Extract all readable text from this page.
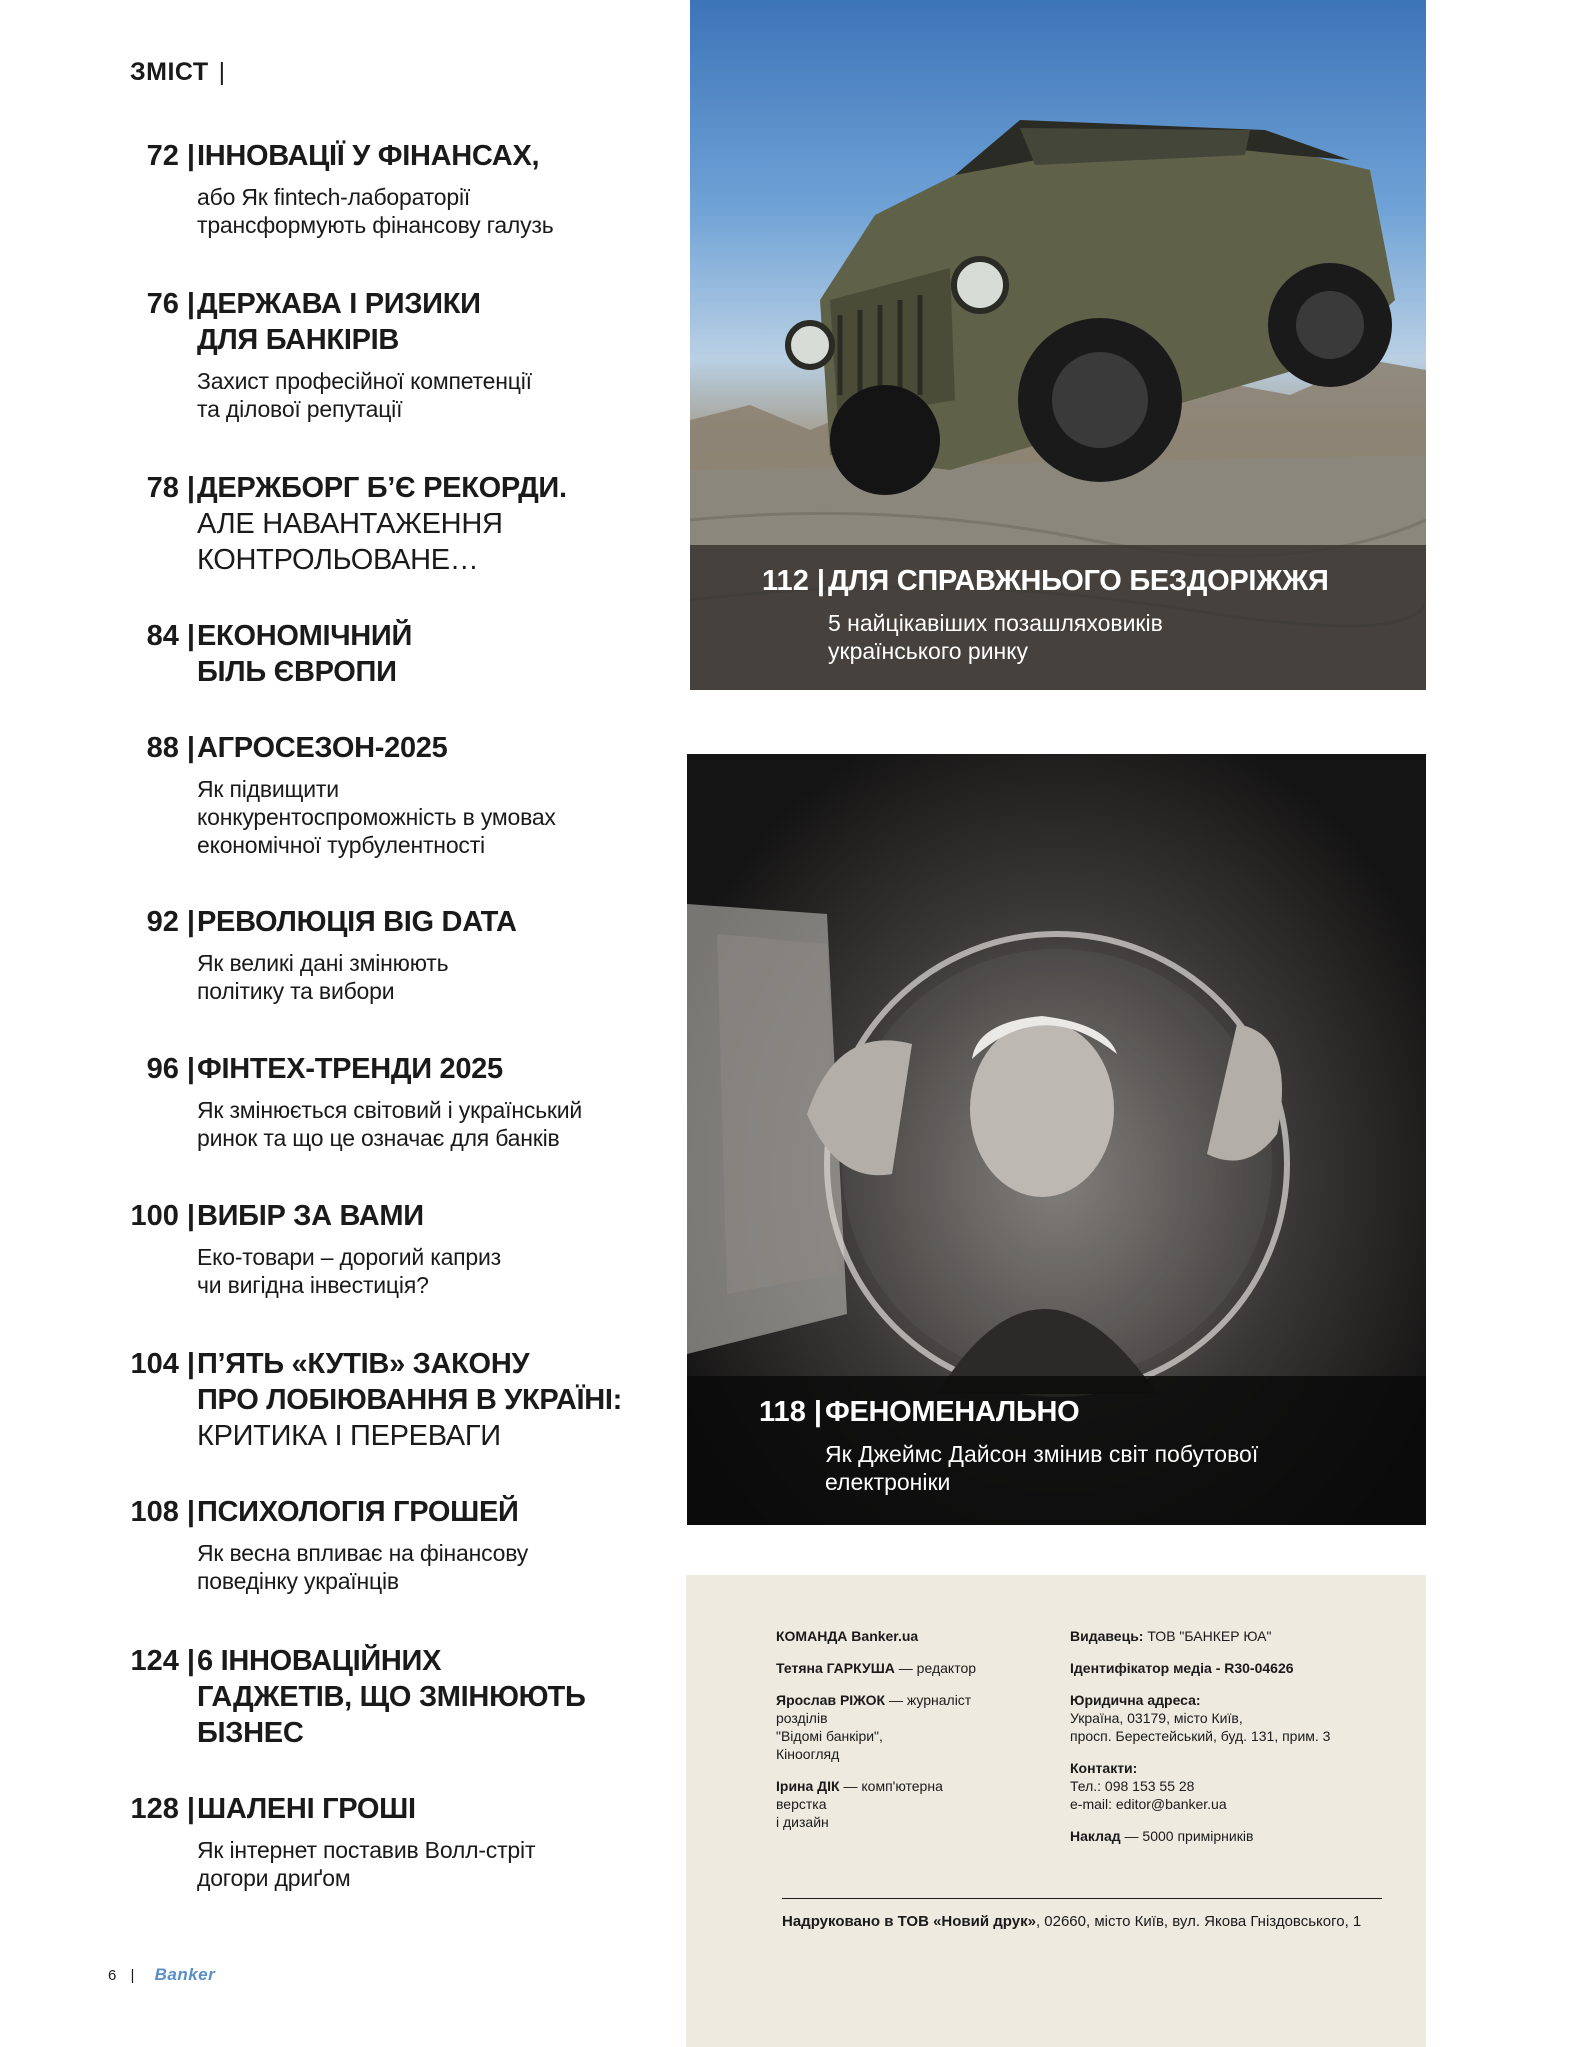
ЗМІСТ |
72 | ІННОВАЦІЇ У ФІНАНСАХ,
або Як fintech-лабораторії
трансформують фінансову галузь
76 | ДЕРЖАВА І РИЗИКИ
ДЛЯ БАНКІРІВ
Захист професійної компетенції
та ділової репутації
78 | ДЕРЖБОРГ Б’Є РЕКОРДИ.
АЛЕ НАВАНТАЖЕННЯ
КОНТРОЛЬОВАНЕ…
84 | ЕКОНОМІЧНИЙ
БІЛЬ ЄВРОПИ
88 | АГРОСЕЗОН-2025
Як підвищити
конкурентоспроможність в умовах
економічної турбулентності
92 | РЕВОЛЮЦІЯ BIG DATA
Як великі дані змінюють
політику та вибори
96 | ФІНТЕХ-ТРЕНДИ 2025
Як змінюється світовий і український
ринок та що це означає для банків
100 | ВИБІР ЗА ВАМИ
Еко-товари – дорогий каприз
чи вигідна інвестиція?
104 | П’ЯТЬ «КУТІВ» ЗАКОНУ
ПРО ЛОБІЮВАННЯ В УКРАЇНІ:
КРИТИКА І ПЕРЕВАГИ
108 | ПСИХОЛОГІЯ ГРОШЕЙ
Як весна впливає на фінансову
поведінку українців
124 | 6 ІННОВАЦІЙНИХ
ГАДЖЕТІВ, ЩО ЗМІНЮЮТЬ
БІЗНЕС
128 | ШАЛЕНІ ГРОШІ
Як інтернет поставив Волл-стріт
догори дриґом
112 | ДЛЯ СПРАВЖНЬОГО БЕЗДОРІЖЖЯ
5 найцікавіших позашляховиків
українського ринку
118 | ФЕНОМЕНАЛЬНО
Як Джеймс Дайсон змінив світ побутової
електроніки
КОМАНДА Banker.ua
Тетяна ГАРКУША — редактор
Ярослав РІЖОК — журналіст розділів
"Відомі банкіри",
Кіноогляд
Ірина ДІК — комп'ютерна верстка
і дизайн
Видавець: ТОВ "БАНКЕР ЮА"
Ідентифікатор медіа - R30-04626
Юридична адреса:
Україна, 03179, місто Київ,
просп. Берестейський, буд. 131, прим. 3
Контакти:
Тел.: 098 153 55 28
e-mail: editor@banker.ua
Наклад — 5000 примірників
Надруковано в ТОВ «Новий друк», 02660, місто Київ, вул. Якова Гніздовського, 1
6 | Banker
